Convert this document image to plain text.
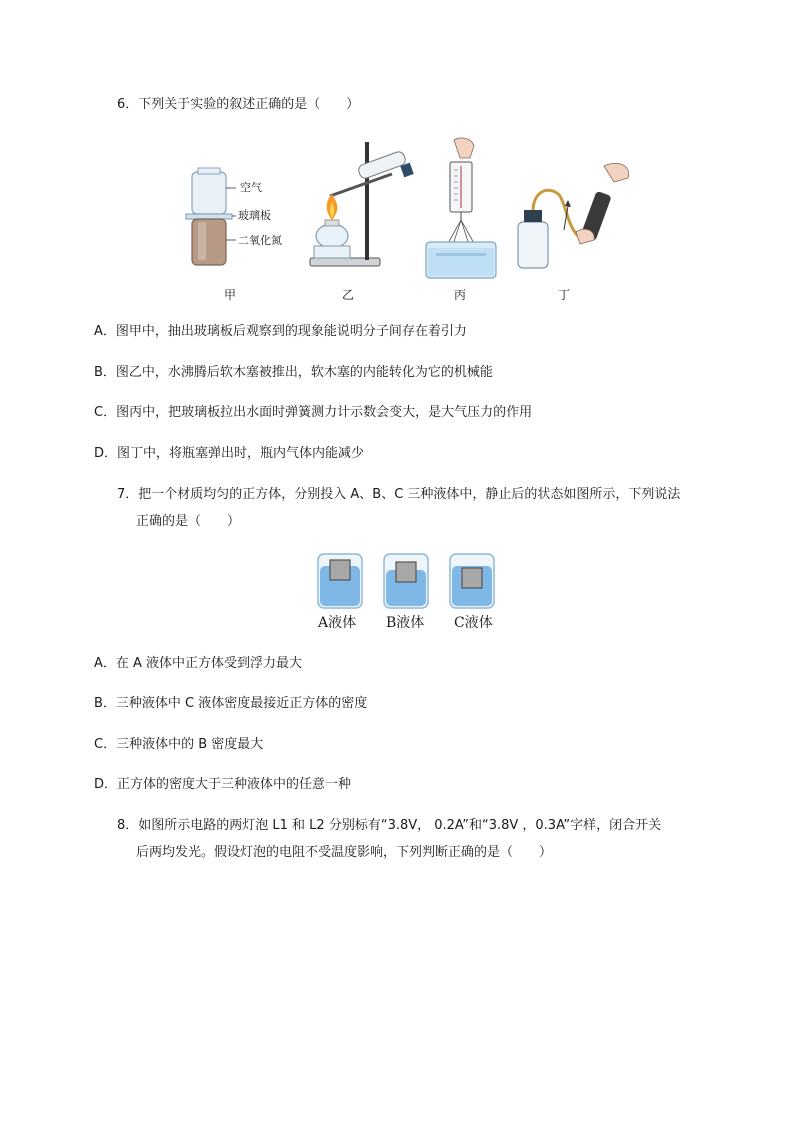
6．下列关于实验的叙述正确的是（　　）
空气
玻璃板
二氧化氮
甲	乙	丙	丁
A．图甲中，抽出玻璃板后观察到的现象能说明分子间存在着引力
B．图乙中，水沸腾后软木塞被推出，软木塞的内能转化为它的机械能
C．图丙中，把玻璃板拉出水面时弹簧测力计示数会变大，是大气压力的作用
D．图丁中，将瓶塞弹出时，瓶内气体内能减少
7．把一个材质均匀的正方体，分别投入 A、B、C 三种液体中，静止后的状态如图所示，下列说法
正确的是（　　）
A液体 B液体 C液体
A．在 A 液体中正方体受到浮力最大
B．三种液体中 C 液体密度最接近正方体的密度
C．三种液体中的 B 密度最大
D．正方体的密度大于三种液体中的任意一种
8．如图所示电路的两灯泡 L1 和 L2 分别标有“3.8V， 0.2A”和“3.8V ，0.3A”字样，闭合开关
后两均发光。假设灯泡的电阻不受温度影响，下列判断正确的是（　　）
